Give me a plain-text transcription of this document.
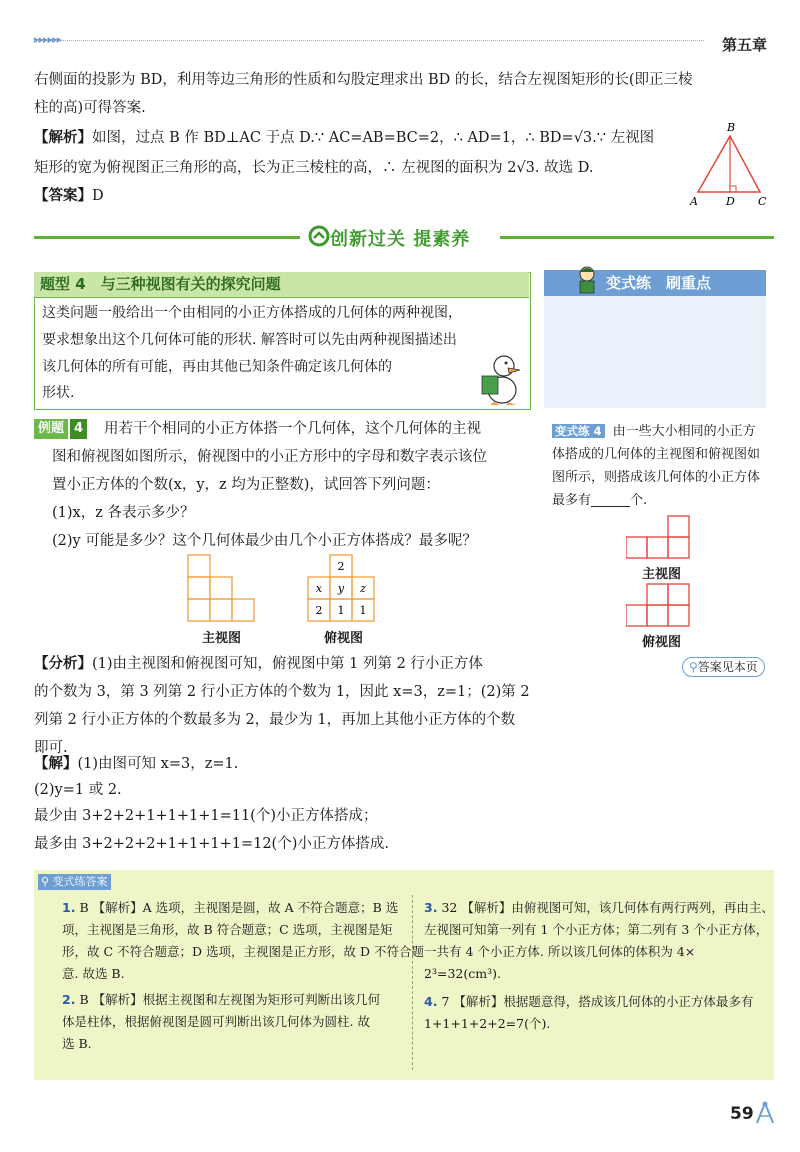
▸▸▸▸▸▸	第五章
右侧面的投影为 BD，利用等边三角形的性质和勾股定理求出 BD 的长，结合左视图矩形的长(即正三棱
柱的高)可得答案.
【解析】如图，过点 B 作 BD⊥AC 于点 D.∵ AC=AB=BC=2，∴ AD=1，∴ BD=√3.∵ 左视图
矩形的宽为俯视图正三角形的高，长为正三棱柱的高，∴ 左视图的面积为 2√3. 故选 D.
【答案】D
B
A	D C
创新过关 提素养
题型 4　与三种视图有关的探究问题
这类问题一般给出一个由相同的小正方体搭成的几何体的两种视图，
要求想象出这个几何体可能的形状. 解答时可以先由两种视图描述出
该几何体的所有可能，再由其他已知条件确定该几何体的
形状.
变式练　刷重点
例题 4 用若干个相同的小正方体搭一个几何体，这个几何体的主视
图和俯视图如图所示，俯视图中的小正方形中的字母和数字表示该位
置小正方体的个数(x，y，z 均为正整数)，试回答下列问题：
(1)x，z 各表示多少？
(2)y 可能是多少？这个几何体最少由几个小正方体搭成？最多呢？
主视图
2
x y z
2 1 1
俯视图
【分析】(1)由主视图和俯视图可知，俯视图中第 1 列第 2 行小正方体
的个数为 3，第 3 列第 2 行小正方体的个数为 1，因此 x=3，z=1；(2)第 2
列第 2 行小正方体的个数最多为 2，最少为 1，再加上其他小正方体的个数
即可.
【解】(1)由图可知 x=3，z=1.
(2)y=1 或 2.
最少由 3+2+2+1+1+1+1=11(个)小正方体搭成；
最多由 3+2+2+2+1+1+1+1=12(个)小正方体搭成.
变式练 4 由一些大小相同的小正方
体搭成的几何体的主视图和俯视图如
图所示，则搭成该几何体的小正方体
最多有______个.
主视图
俯视图
⚲答案见本页
⚲ 变式练答案
1. B 【解析】A 选项，主视图是圆，故 A 不符合题意；B 选
项，主视图是三角形，故 B 符合题意；C 选项，主视图是矩
形，故 C 不符合题意；D 选项，主视图是正方形，故 D 不符合题
意. 故选 B.
2. B 【解析】根据主视图和左视图为矩形可判断出该几何
体是柱体，根据俯视图是圆可判断出该几何体为圆柱. 故
选 B.
3. 32 【解析】由俯视图可知，该几何体有两行两列，再由主、
左视图可知第一列有 1 个小正方体；第二列有 3 个小正方体，
一共有 4 个小正方体. 所以该几何体的体积为 4×
2³=32(cm³).
4. 7 【解析】根据题意得，搭成该几何体的小正方体最多有
1+1+1+2+2=7(个).
59
